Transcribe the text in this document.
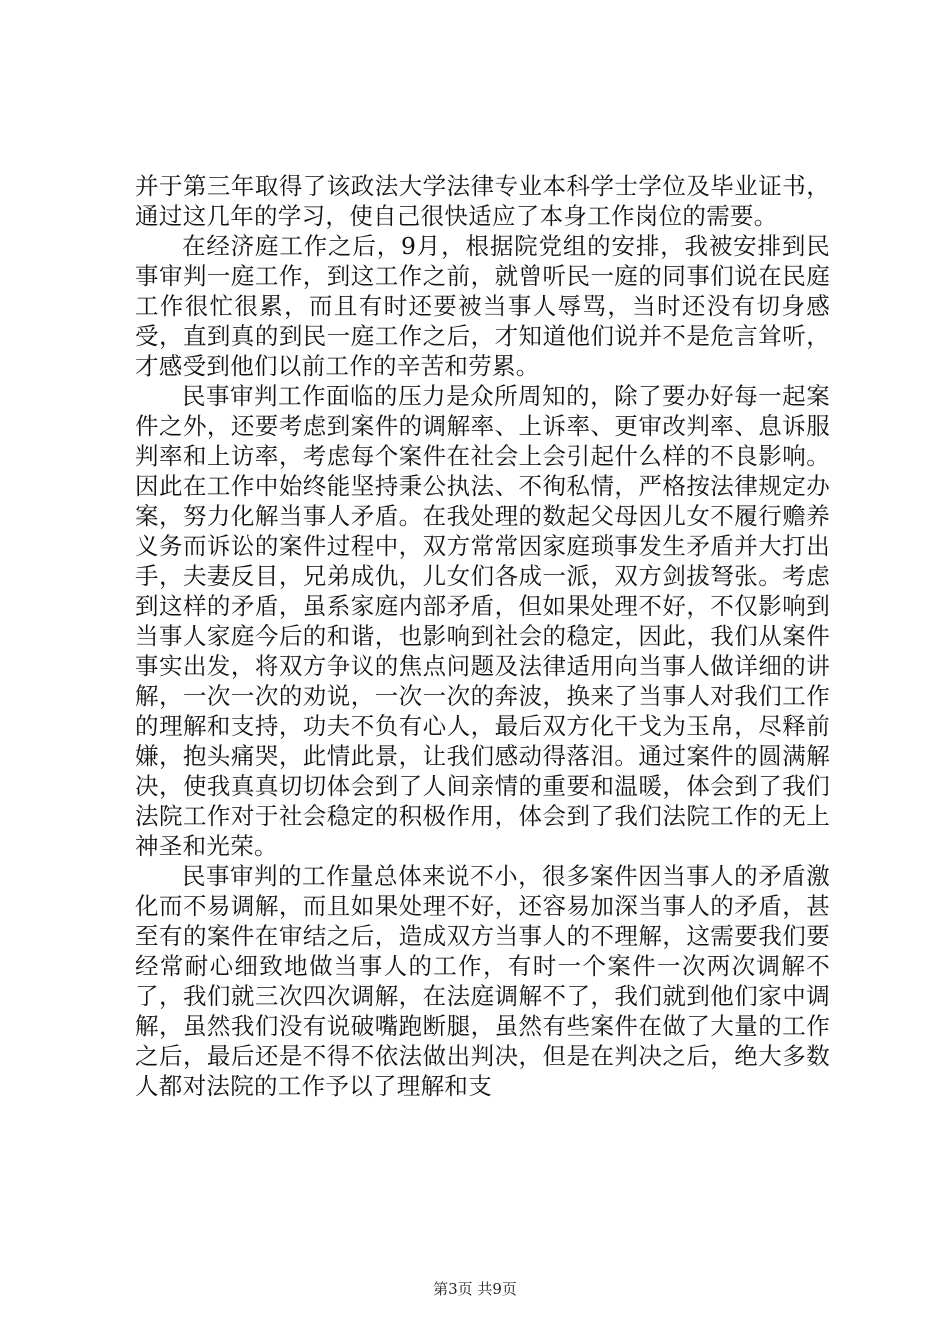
并于第三年取得了该政法大学法律专业本科学士学位及毕业证书，通过这几年的学习，使自己很快适应了本身工作岗位的需要。

在经济庭工作之后，9月，根据院党组的安排，我被安排到民事审判一庭工作，到这工作之前，就曾听民一庭的同事们说在民庭工作很忙很累，而且有时还要被当事人辱骂，当时还没有切身感受，直到真的到民一庭工作之后，才知道他们说并不是危言耸听，才感受到他们以前工作的辛苦和劳累。

民事审判工作面临的压力是众所周知的，除了要办好每一起案件之外，还要考虑到案件的调解率、上诉率、更审改判率、息诉服判率和上访率，考虑每个案件在社会上会引起什么样的不良影响。因此在工作中始终能坚持秉公执法、不徇私情，严格按法律规定办案，努力化解当事人矛盾。在我处理的数起父母因儿女不履行赡养义务而诉讼的案件过程中，双方常常因家庭琐事发生矛盾并大打出手，夫妻反目，兄弟成仇，儿女们各成一派，双方剑拔弩张。考虑到这样的矛盾，虽系家庭内部矛盾，但如果处理不好，不仅影响到当事人家庭今后的和谐，也影响到社会的稳定，因此，我们从案件事实出发，将双方争议的焦点问题及法律适用向当事人做详细的讲解，一次一次的劝说，一次一次的奔波，换来了当事人对我们工作的理解和支持，功夫不负有心人，最后双方化干戈为玉帛，尽释前嫌，抱头痛哭，此情此景，让我们感动得落泪。通过案件的圆满解决，使我真真切切体会到了人间亲情的重要和温暖，体会到了我们法院工作对于社会稳定的积极作用，体会到了我们法院工作的无上神圣和光荣。

民事审判的工作量总体来说不小，很多案件因当事人的矛盾激化而不易调解，而且如果处理不好，还容易加深当事人的矛盾，甚至有的案件在审结之后，造成双方当事人的不理解，这需要我们要经常耐心细致地做当事人的工作，有时一个案件一次两次调解不了，我们就三次四次调解，在法庭调解不了，我们就到他们家中调解，虽然我们没有说破嘴跑断腿，虽然有些案件在做了大量的工作之后，最后还是不得不依法做出判决，但是在判决之后，绝大多数人都对法院的工作予以了理解和支

第3页 共9页
